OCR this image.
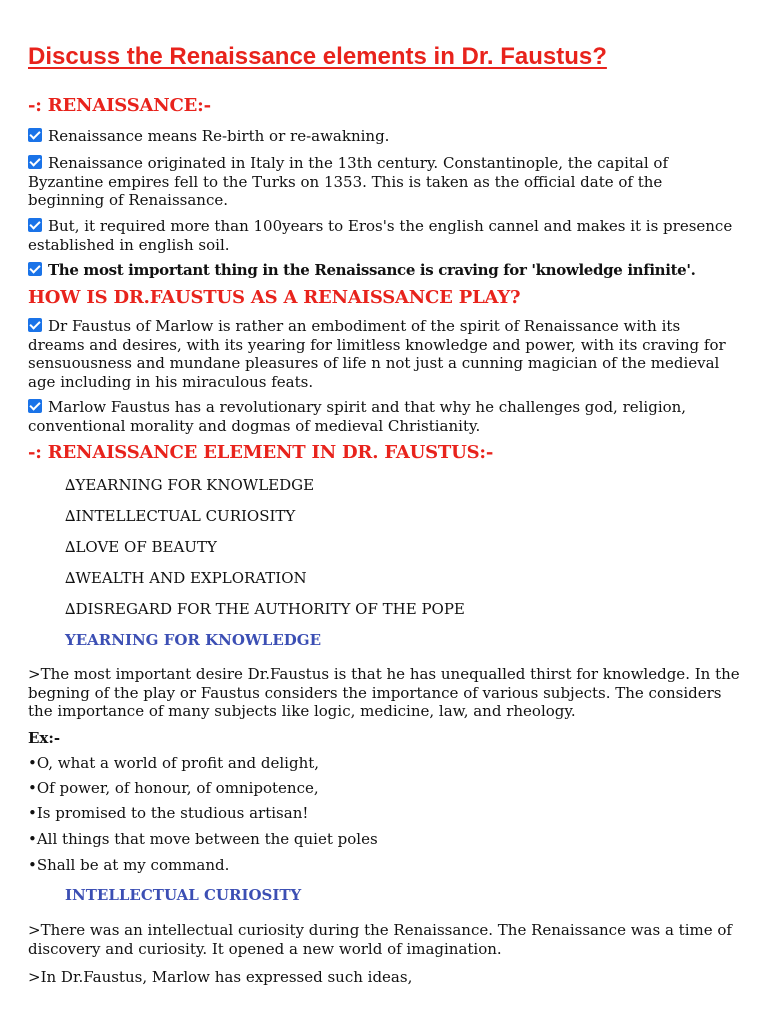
Discuss the Renaissance elements in Dr. Faustus?
-: RENAISSANCE:-
Renaissance means Re-birth or re-awakning.
Renaissance originated in Italy in the 13th century. Constantinople, the capital of Byzantine empires fell to the Turks on 1353. This is taken as the official date of the beginning of Renaissance.
But, it required more than 100years to Eros's the english cannel and makes it is presence established in english soil.
The most important thing in the Renaissance is craving for 'knowledge infinite'.
HOW IS DR.FAUSTUS AS A RENAISSANCE PLAY?
Dr Faustus of Marlow is rather an embodiment of the spirit of Renaissance with its dreams and desires, with its yearing for limitless knowledge and power, with its craving for sensuousness and mundane pleasures of life n not just a cunning magician of the medieval age including in his miraculous feats.
Marlow Faustus has a revolutionary spirit and that why he challenges god, religion, conventional morality and dogmas of medieval Christianity.
-: RENAISSANCE ELEMENT IN DR. FAUSTUS:-
∆YEARNING FOR KNOWLEDGE
∆INTELLECTUAL CURIOSITY
∆LOVE OF BEAUTY
∆WEALTH AND EXPLORATION
∆DISREGARD FOR THE AUTHORITY OF THE POPE
YEARNING FOR KNOWLEDGE
>The most important desire Dr.Faustus is that he has unequalled thirst for knowledge. In the begning of the play or Faustus considers the importance of various subjects. The considers the importance of many subjects like logic, medicine, law, and rheology.
Ex:-
•O, what a world of profit and delight,
•Of power, of honour, of omnipotence,
•Is promised to the studious artisan!
•All things that move between the quiet poles
•Shall be at my command.
INTELLECTUAL CURIOSITY
>There was an intellectual curiosity during the Renaissance. The Renaissance was a time of discovery and curiosity. It opened a new world of imagination.
>In Dr.Faustus, Marlow has expressed such ideas,
